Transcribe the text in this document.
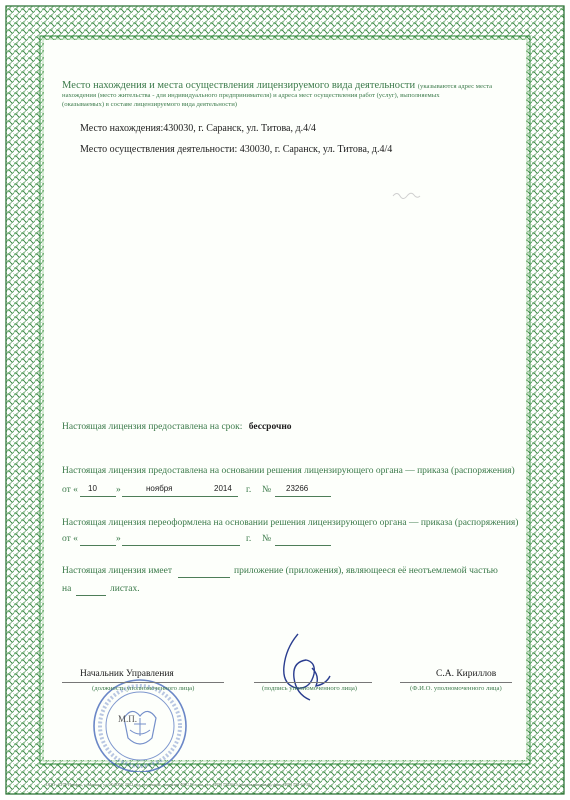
Место нахождения и места осуществления лицензируемого вида деятельности (указываются адрес места
нахождения (место жительства - для индивидуального предпринимателя) и адреса мест осуществления работ (услуг), выполняемых
(оказываемых) в составе лицензируемого вида деятельности)
Место нахождения:430030, г. Саранск, ул. Титова, д.4/4
Место осуществления деятельности: 430030, г. Саранск, ул. Титова, д.4/4
Настоящая лицензия предоставлена на срок: бессрочно
Настоящая лицензия предоставлена на основании решения лицензирующего органа — приказа (распоряжения)
от « 10 »	ноября	2014 г. № 23266
Настоящая лицензия переоформлена на основании решения лицензирующего органа — приказа (распоряжения)
от «	»	г. №
Настоящая лицензия имеет	приложение (приложения), являющееся её неотъемлемой частью
на	листах.
М.П.
Начальник Управления
(должность уполномоченного лица)	(подпись уполномоченного лица)
С.А. Кириллов
(Ф.И.О. уполномоченного лица)
ООО «СГП-Профи», г. Москва, ул. Ж-5056, 2012 год; уровень В; лицензия ФНС России, тел. (495) 7525625 (многоканальный), факс (495) 752-64-58
